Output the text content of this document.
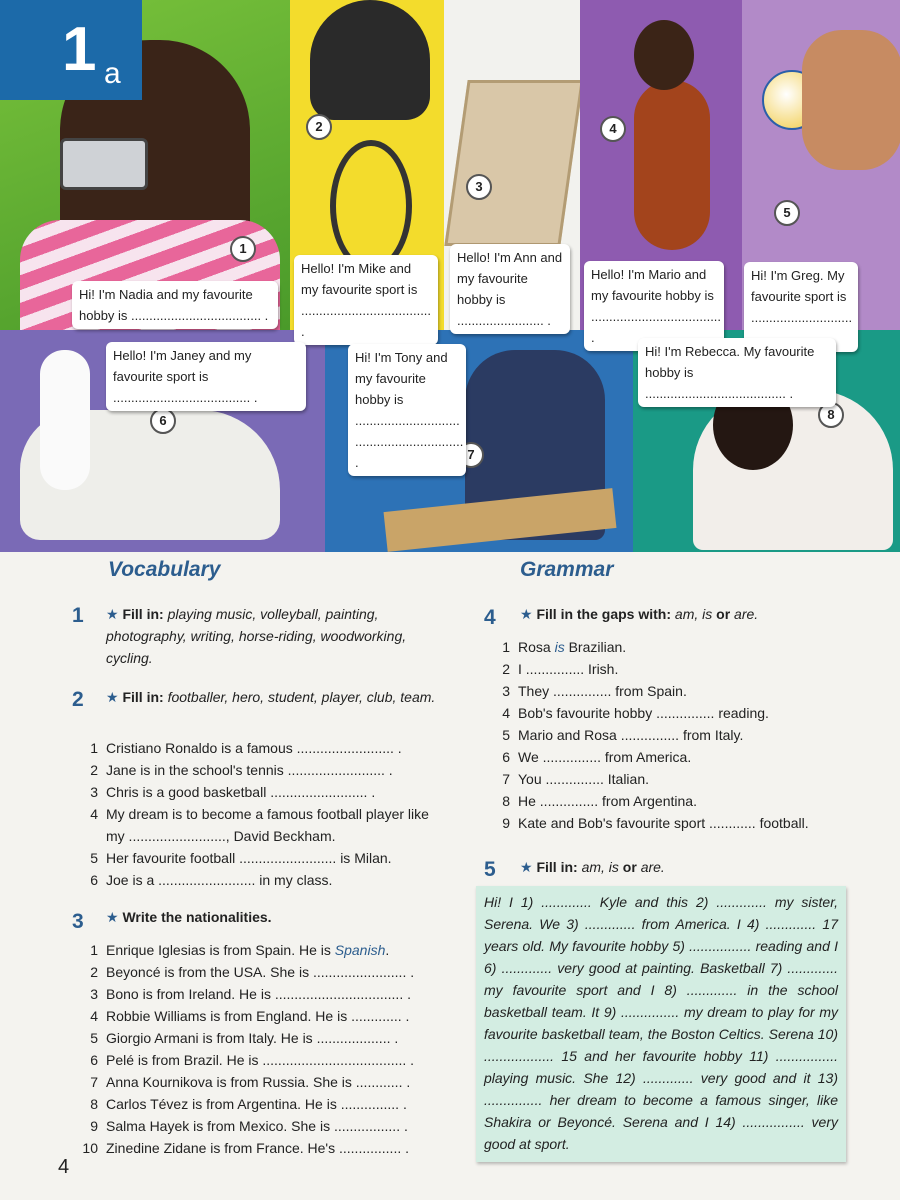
1 a
1
2
3
4
5
6
7
8
Hi! I'm Nadia and my favourite hobby is .................................... .
Hello! I'm Mike and my favourite sport is .................................... .
Hello! I'm Ann and my favourite hobby is ........................ .
Hello! I'm Mario and my favourite hobby is .................................... .
Hi! I'm Greg. My favourite sport is ............................
Hello! I'm Janey and my favourite sport is ...................................... .
Hi! I'm Tony and my favourite hobby is ............................. .............................. .
Hi! I'm Rebecca. My favourite hobby is ....................................... .
Vocabulary
1 ★ Fill in: playing music, volleyball, painting, photography, writing, horse-riding, woodworking, cycling.
2 ★ Fill in: footballer, hero, student, player, club, team.
1 Cristiano Ronaldo is a famous ......................... .
2 Jane is in the school's tennis ......................... .
3 Chris is a good basketball ......................... .
4 My dream is to become a famous football player like my ........................., David Beckham.
5 Her favourite football ......................... is Milan.
6 Joe is a ......................... in my class.
3 ★ Write the nationalities.
1 Enrique Iglesias is from Spain. He is Spanish.
2 Beyoncé is from the USA. She is ........................ .
3 Bono is from Ireland. He is ................................. .
4 Robbie Williams is from England. He is ............. .
5 Giorgio Armani is from Italy. He is ................... .
6 Pelé is from Brazil. He is ..................................... .
7 Anna Kournikova is from Russia. She is ............ .
8 Carlos Tévez is from Argentina. He is ............... .
9 Salma Hayek is from Mexico. She is ................. .
10 Zinedine Zidane is from France. He's ................ .
Grammar
4 ★ Fill in the gaps with: am, is or are.
1 Rosa is Brazilian.
2 I ............... Irish.
3 They ............... from Spain.
4 Bob's favourite hobby ............... reading.
5 Mario and Rosa ............... from Italy.
6 We ............... from America.
7 You ............... Italian.
8 He ............... from Argentina.
9 Kate and Bob's favourite sport ............ football.
5 ★ Fill in: am, is or are.

Hi! I 1) ............. Kyle and this 2) ............. my sister, Serena. We 3) ............. from America. I 4) ............. 17 years old. My favourite hobby 5) ................ reading and I 6) ............. very good at painting. Basketball 7) ............. my favourite sport and I 8) ............. in the school basketball team. It 9) ............... my dream to play for my favourite basketball team, the Boston Celtics. Serena 10) .................. 15 and her favourite hobby 11) ................ playing music. She 12) ............. very good and it 13) ............... her dream to become a famous singer, like Shakira or Beyoncé. Serena and I 14) ................ very good at sport.

4
